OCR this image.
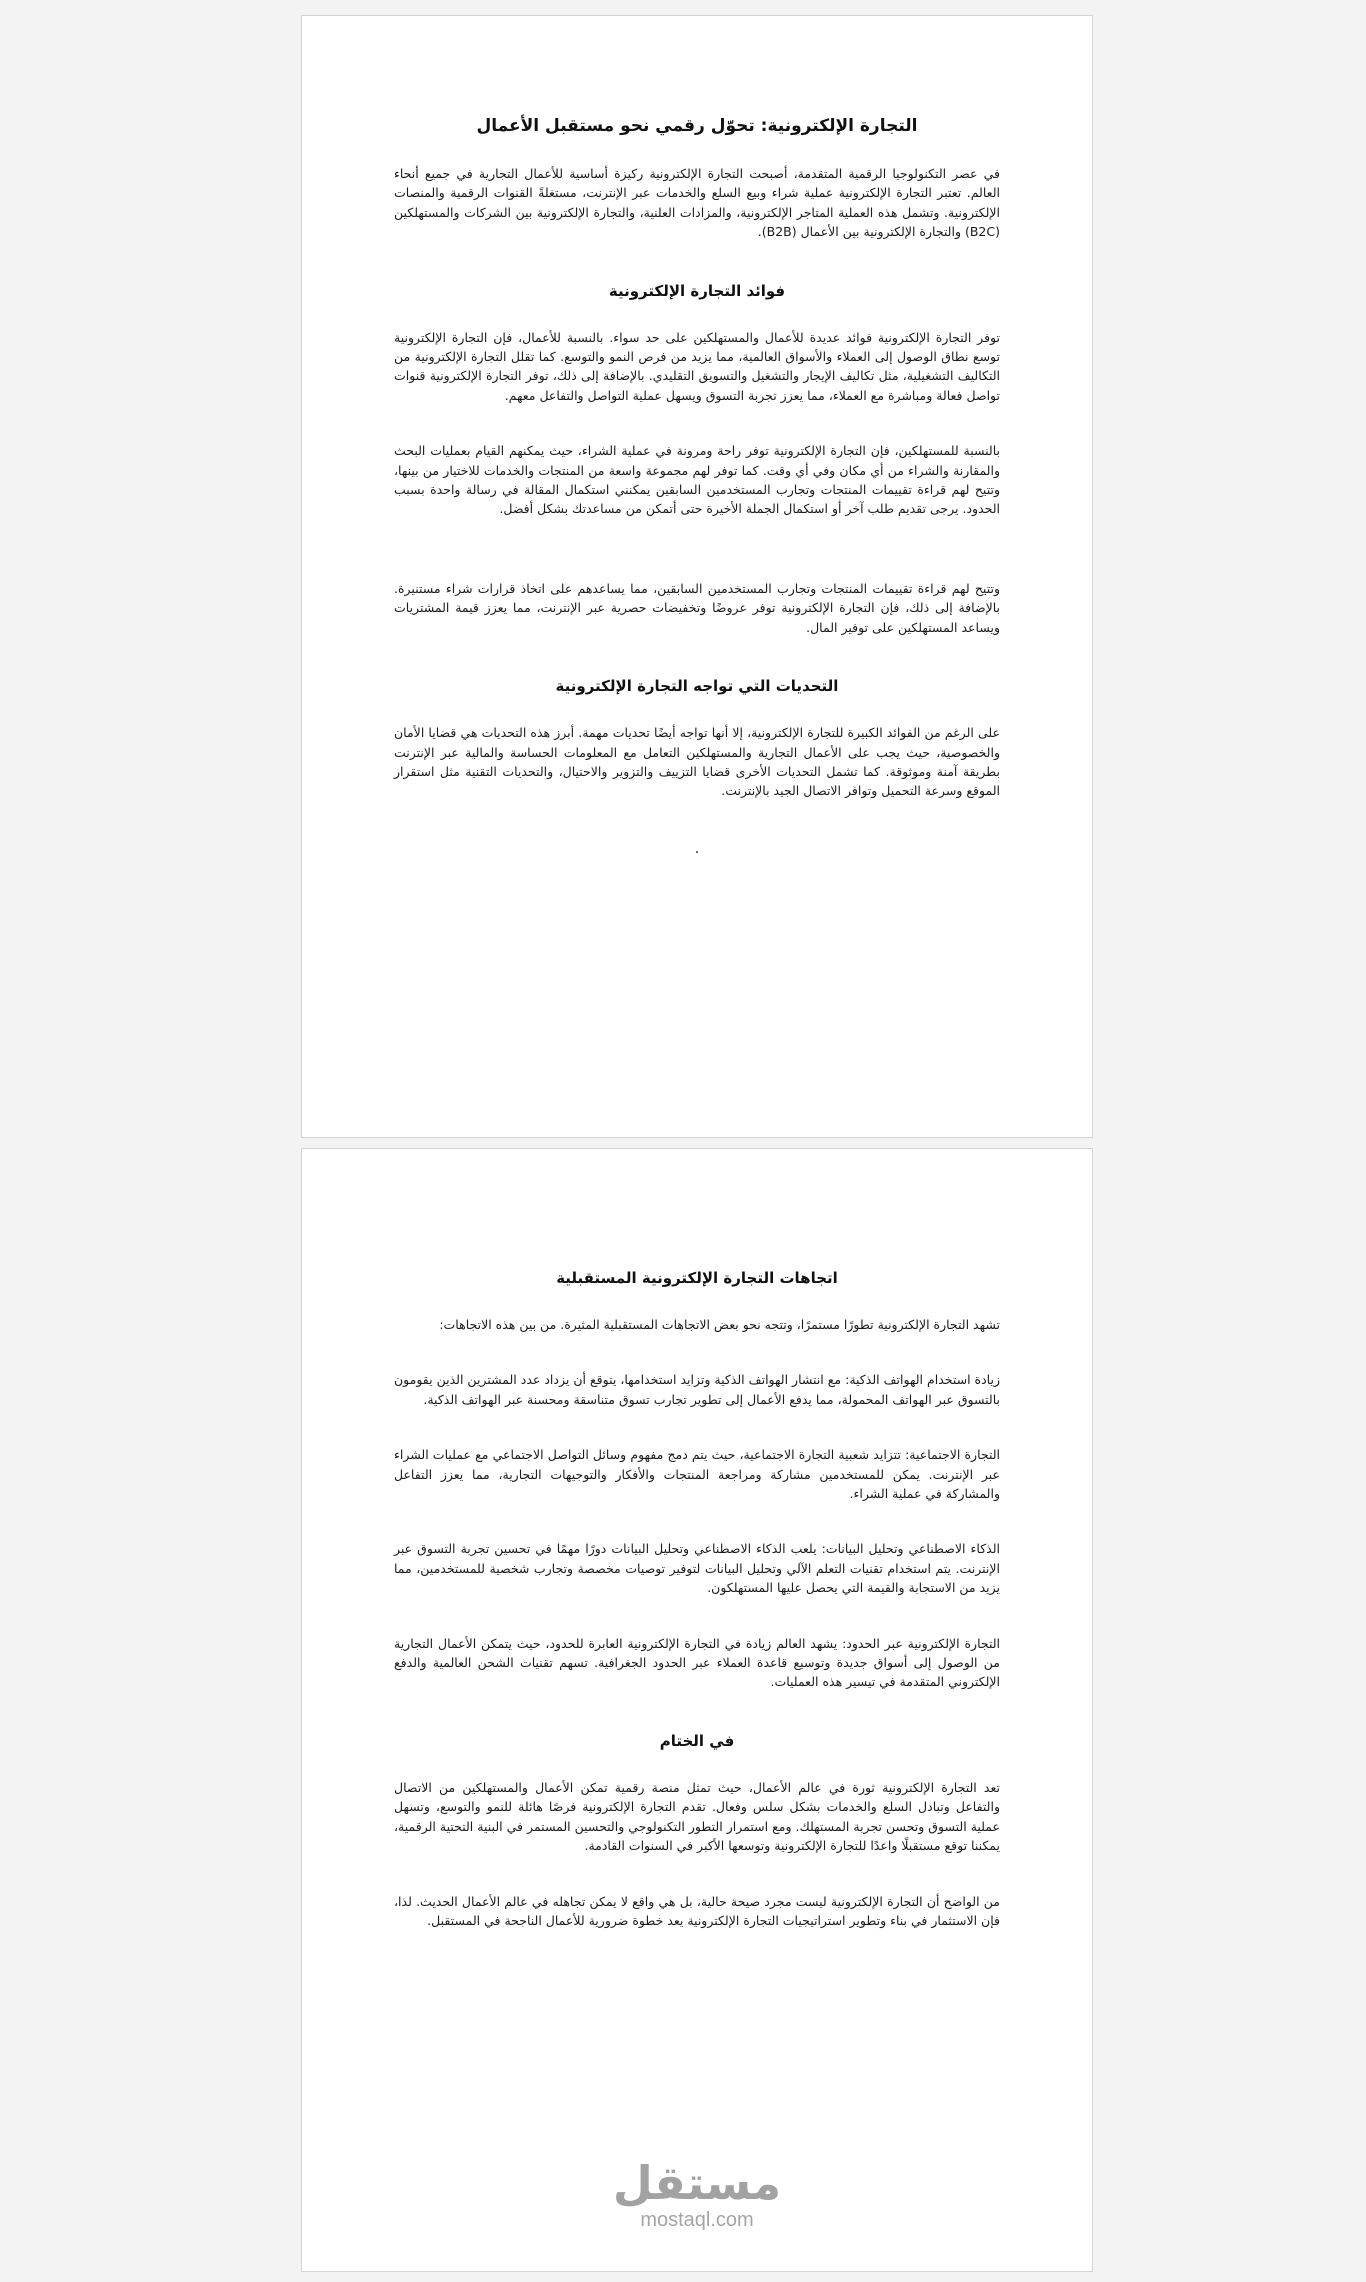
التجارة الإلكترونية: تحوّل رقمي نحو مستقبل الأعمال

في عصر التكنولوجيا الرقمية المتقدمة، أصبحت التجارة الإلكترونية ركيزة أساسية للأعمال التجارية في جميع أنحاء العالم. تعتبر التجارة الإلكترونية عملية شراء وبيع السلع والخدمات عبر الإنترنت، مستغلةً القنوات الرقمية والمنصات الإلكترونية. وتشمل هذه العملية المتاجر الإلكترونية، والمزادات العلنية، والتجارة الإلكترونية بين الشركات والمستهلكين (B2C) والتجارة الإلكترونية بين الأعمال (B2B).

فوائد التجارة الإلكترونية

توفر التجارة الإلكترونية فوائد عديدة للأعمال والمستهلكين على حد سواء. بالنسبة للأعمال، فإن التجارة الإلكترونية توسع نطاق الوصول إلى العملاء والأسواق العالمية، مما يزيد من فرص النمو والتوسع. كما تقلل التجارة الإلكترونية من التكاليف التشغيلية، مثل تكاليف الإيجار والتشغيل والتسويق التقليدي. بالإضافة إلى ذلك، توفر التجارة الإلكترونية قنوات تواصل فعالة ومباشرة مع العملاء، مما يعزز تجربة التسوق ويسهل عملية التواصل والتفاعل معهم.

بالنسبة للمستهلكين، فإن التجارة الإلكترونية توفر راحة ومرونة في عملية الشراء، حيث يمكنهم القيام بعمليات البحث والمقارنة والشراء من أي مكان وفي أي وقت. كما توفر لهم مجموعة واسعة من المنتجات والخدمات للاختيار من بينها، وتتيح لهم قراءة تقييمات المنتجات وتجارب المستخدمين السابقين يمكنني استكمال المقالة في رسالة واحدة بسبب الحدود. يرجى تقديم طلب آخر أو استكمال الجملة الأخيرة حتى أتمكن من مساعدتك بشكل أفضل.

وتتيح لهم قراءة تقييمات المنتجات وتجارب المستخدمين السابقين، مما يساعدهم على اتخاذ قرارات شراء مستنيرة. بالإضافة إلى ذلك، فإن التجارة الإلكترونية توفر عروضًا وتخفيضات حصرية عبر الإنترنت، مما يعزز قيمة المشتريات ويساعد المستهلكين على توفير المال.

التحديات التي تواجه التجارة الإلكترونية

على الرغم من الفوائد الكبيرة للتجارة الإلكترونية، إلا أنها تواجه أيضًا تحديات مهمة. أبرز هذه التحديات هي قضايا الأمان والخصوصية، حيث يجب على الأعمال التجارية والمستهلكين التعامل مع المعلومات الحساسة والمالية عبر الإنترنت بطريقة آمنة وموثوقة. كما تشمل التحديات الأخرى قضايا التزييف والتزوير والاحتيال، والتحديات التقنية مثل استقرار الموقع وسرعة التحميل وتوافر الاتصال الجيد بالإنترنت.

.
اتجاهات التجارة الإلكترونية المستقبلية

تشهد التجارة الإلكترونية تطورًا مستمرًا، وتتجه نحو بعض الاتجاهات المستقبلية المثيرة. من بين هذه الاتجاهات:

زيادة استخدام الهواتف الذكية: مع انتشار الهواتف الذكية وتزايد استخدامها، يتوقع أن يزداد عدد المشترين الذين يقومون بالتسوق عبر الهواتف المحمولة، مما يدفع الأعمال إلى تطوير تجارب تسوق متناسقة ومحسنة عبر الهواتف الذكية.

التجارة الاجتماعية: تتزايد شعبية التجارة الاجتماعية، حيث يتم دمج مفهوم وسائل التواصل الاجتماعي مع عمليات الشراء عبر الإنترنت. يمكن للمستخدمين مشاركة ومراجعة المنتجات والأفكار والتوجيهات التجارية، مما يعزز التفاعل والمشاركة في عملية الشراء.

الذكاء الاصطناعي وتحليل البيانات: يلعب الذكاء الاصطناعي وتحليل البيانات دورًا مهمًا في تحسين تجربة التسوق عبر الإنترنت. يتم استخدام تقنيات التعلم الآلي وتحليل البيانات لتوفير توصيات مخصصة وتجارب شخصية للمستخدمين، مما يزيد من الاستجابة والقيمة التي يحصل عليها المستهلكون.

التجارة الإلكترونية عبر الحدود: يشهد العالم زيادة في التجارة الإلكترونية العابرة للحدود، حيث يتمكن الأعمال التجارية من الوصول إلى أسواق جديدة وتوسيع قاعدة العملاء عبر الحدود الجغرافية. تسهم تقنيات الشحن العالمية والدفع الإلكتروني المتقدمة في تيسير هذه العمليات.

في الختام

تعد التجارة الإلكترونية ثورة في عالم الأعمال، حيث تمثل منصة رقمية تمكن الأعمال والمستهلكين من الاتصال والتفاعل وتبادل السلع والخدمات بشكل سلس وفعال. تقدم التجارة الإلكترونية فرصًا هائلة للنمو والتوسع، وتسهل عملية التسوق وتحسن تجربة المستهلك. ومع استمرار التطور التكنولوجي والتحسين المستمر في البنية التحتية الرقمية، يمكننا توقع مستقبلًا واعدًا للتجارة الإلكترونية وتوسعها الأكبر في السنوات القادمة.

من الواضح أن التجارة الإلكترونية ليست مجرد صيحة حالية، بل هي واقع لا يمكن تجاهله في عالم الأعمال الحديث. لذا، فإن الاستثمار في بناء وتطوير استراتيجيات التجارة الإلكترونية يعد خطوة ضرورية للأعمال الناجحة في المستقبل.

مستقل
mostaql.com
